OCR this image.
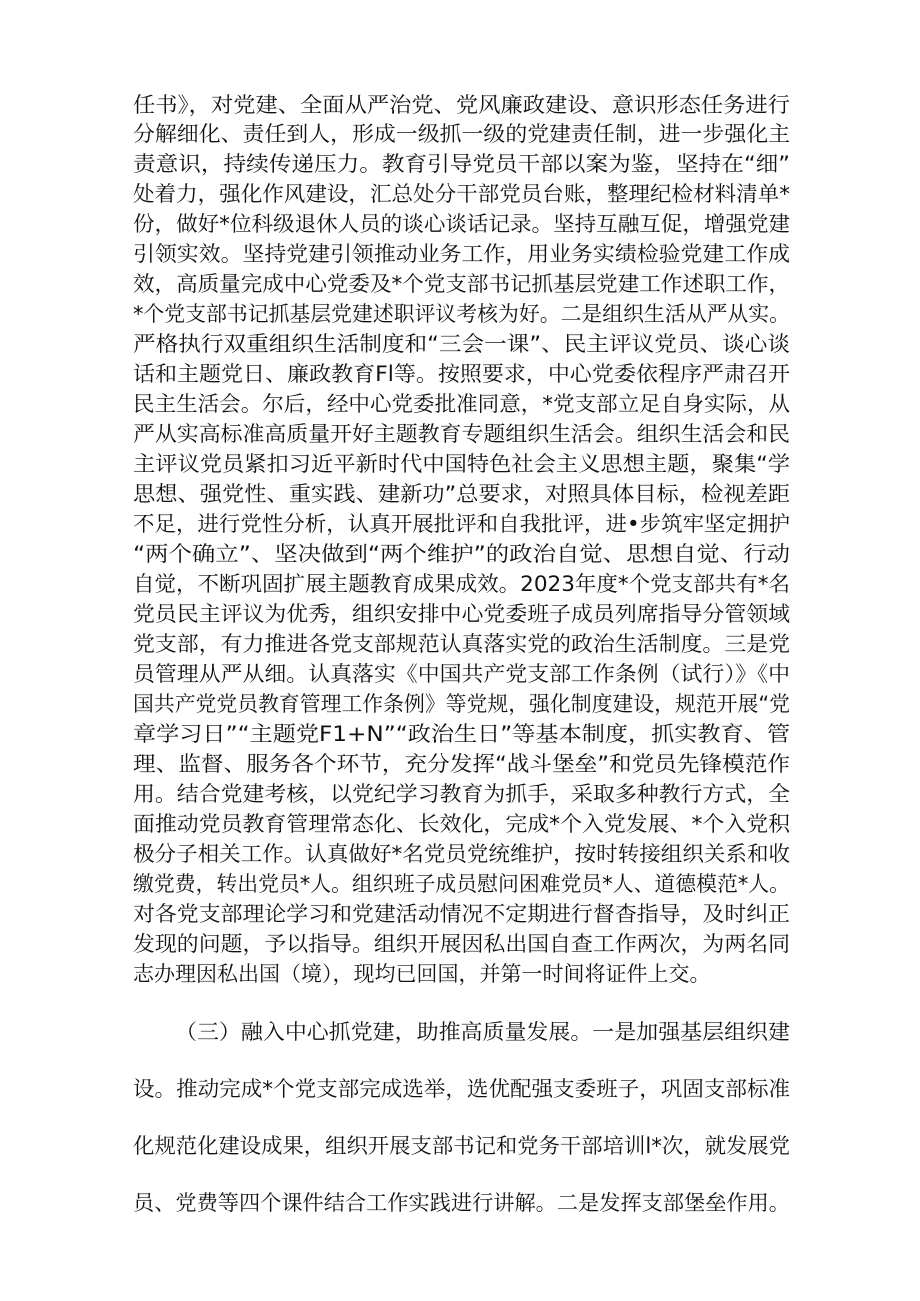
任书》，对党建、全面从严治党、党风廉政建设、意识形态任务进行
分解细化、责任到人，形成一级抓一级的党建责任制，进一步强化主
责意识，持续传递压力。教育引导党员干部以案为鉴，坚持在“细”
处着力，强化作风建设，汇总处分干部党员台账，整理纪检材料清单*
份，做好*位科级退休人员的谈心谈话记录。坚持互融互促，增强党建
引领实效。坚持党建引领推动业务工作，用业务实绩检验党建工作成
效，高质量完成中心党委及*个党支部书记抓基层党建工作述职工作，
*个党支部书记抓基层党建述职评议考核为好。二是组织生活从严从实。
严格执行双重组织生活制度和“三会一课”、民主评议党员、谈心谈
话和主题党日、廉政教育Fl等。按照要求，中心党委依程序严肃召开
民主生活会。尔后，经中心党委批准同意，*党支部立足自身实际，从
严从实高标准高质量开好主题教育专题组织生活会。组织生活会和民
主评议党员紧扣习近平新时代中国特色社会主义思想主题，聚集“学
思想、强党性、重实践、建新功”总要求，对照具体目标，检视差距
不足，进行党性分析，认真开展批评和自我批评，进•步筑牢坚定拥护
“两个确立”、坚决做到“两个维护”的政治自觉、思想自觉、行动
自觉，不断巩固扩展主题教育成果成效。2023年度*个党支部共有*名
党员民主评议为优秀，组织安排中心党委班子成员列席指导分管领域
党支部，有力推进各党支部规范认真落实党的政治生活制度。三是党
员管理从严从细。认真落实《中国共产党支部工作条例（试行）》《中
国共产党党员教育管理工作条例》等党规，强化制度建设，规范开展“党
章学习日”“主题党F1+N”“政治生日”等基本制度，抓实教育、管
理、监督、服务各个环节，充分发挥“战斗堡垒”和党员先锋模范作
用。结合党建考核，以党纪学习教育为抓手，采取多种教行方式，全
面推动党员教育管理常态化、长效化，完成*个入党发展、*个入党积
极分子相关工作。认真做好*名党员党统维护，按时转接组织关系和收
缴党费，转出党员*人。组织班子成员慰问困难党员*人、道德模范*人。
对各党支部理论学习和党建活动情况不定期进行督杳指导，及时纠正
发现的问题，予以指导。组织开展因私出国自查工作两次，为两名同
志办理因私出国（境），现均已回国，并第一时间将证件上交。
（三）融入中心抓党建，助推高质量发展。一是加强基层组织建
设。推动完成*个党支部完成选举，选优配强支委班子，巩固支部标准
化规范化建设成果，组织开展支部书记和党务干部培训l*次，就发展党
员、党费等四个课件结合工作实践进行讲解。二是发挥支部堡垒作用。
